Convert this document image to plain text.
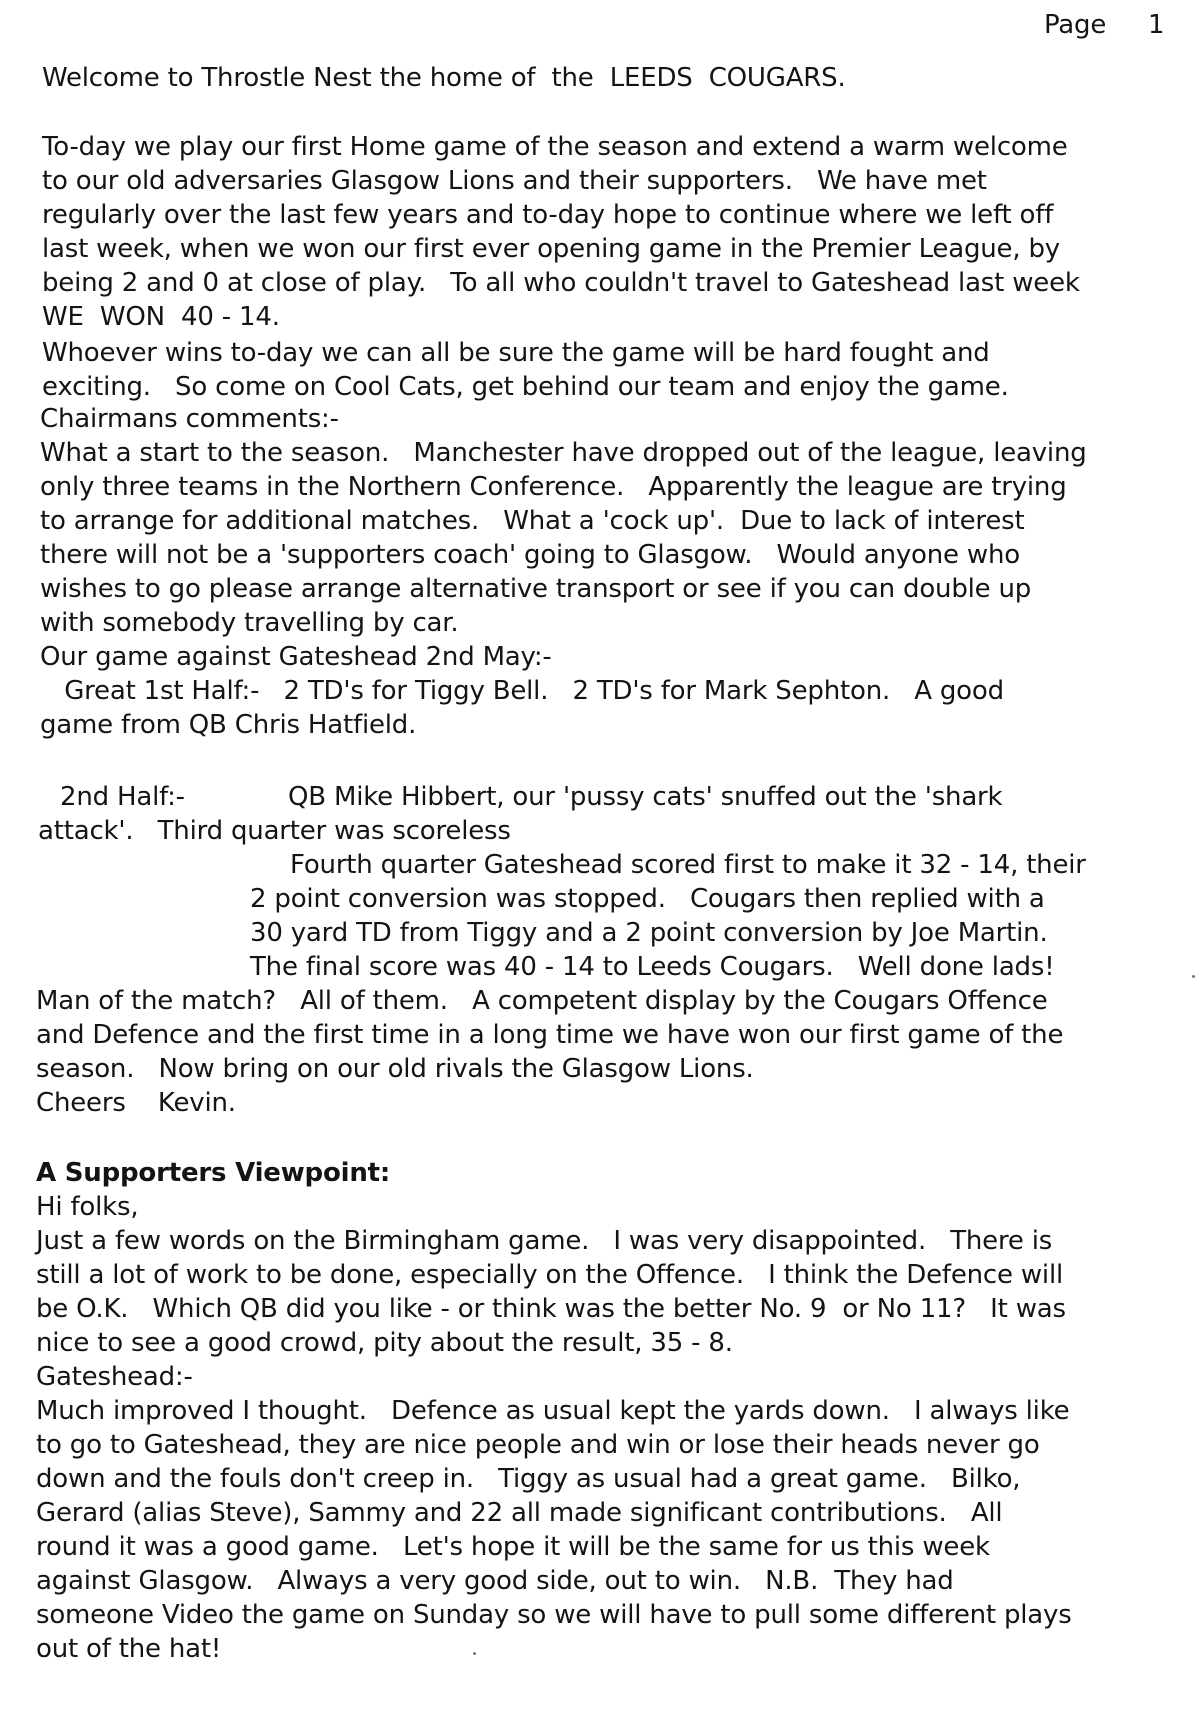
Page 1

Welcome to Throstle Nest the home of  the  LEEDS  COUGARS.

To-day we play our first Home game of the season and extend a warm welcome

to our old adversaries Glasgow Lions and their supporters.   We have met

regularly over the last few years and to-day hope to continue where we left off

last week, when we won our first ever opening game in the Premier League, by

being 2 and 0 at close of play.   To all who couldn't travel to Gateshead last week

WE  WON  40 - 14.

Whoever wins to-day we can all be sure the game will be hard fought and

exciting.   So come on Cool Cats, get behind our team and enjoy the game.

Chairmans comments:-

What a start to the season.   Manchester have dropped out of the league, leaving

only three teams in the Northern Conference.   Apparently the league are trying

to arrange for additional matches.   What a 'cock up'.  Due to lack of interest

there will not be a 'supporters coach' going to Glasgow.   Would anyone who

wishes to go please arrange alternative transport or see if you can double up

with somebody travelling by car.

Our game against Gateshead 2nd May:-

Great 1st Half:-   2 TD's for Tiggy Bell.   2 TD's for Mark Sephton.   A good

game from QB Chris Hatfield.

2nd Half:-	QB Mike Hibbert, our 'pussy cats' snuffed out the 'shark

attack'.   Third quarter was scoreless

Fourth quarter Gateshead scored first to make it 32 - 14, their

2 point conversion was stopped.   Cougars then replied with a

30 yard TD from Tiggy and a 2 point conversion by Joe Martin.

The final score was 40 - 14 to Leeds Cougars.   Well done lads!

Man of the match?   All of them.   A competent display by the Cougars Offence

and Defence and the first time in a long time we have won our first game of the

season.   Now bring on our old rivals the Glasgow Lions.

Cheers    Kevin.

A Supporters Viewpoint:

Hi folks,

Just a few words on the Birmingham game.   I was very disappointed.   There is

still a lot of work to be done, especially on the Offence.   I think the Defence will

be O.K.   Which QB did you like - or think was the better No. 9  or No 11?   It was

nice to see a good crowd, pity about the result, 35 - 8.

Gateshead:-

Much improved I thought.   Defence as usual kept the yards down.   I always like

to go to Gateshead, they are nice people and win or lose their heads never go

down and the fouls don't creep in.   Tiggy as usual had a great game.   Bilko,

Gerard (alias Steve), Sammy and 22 all made significant contributions.   All

round it was a good game.   Let's hope it will be the same for us this week

against Glasgow.   Always a very good side, out to win.   N.B.  They had

someone Video the game on Sunday so we will have to pull some different plays

out of the hat!
